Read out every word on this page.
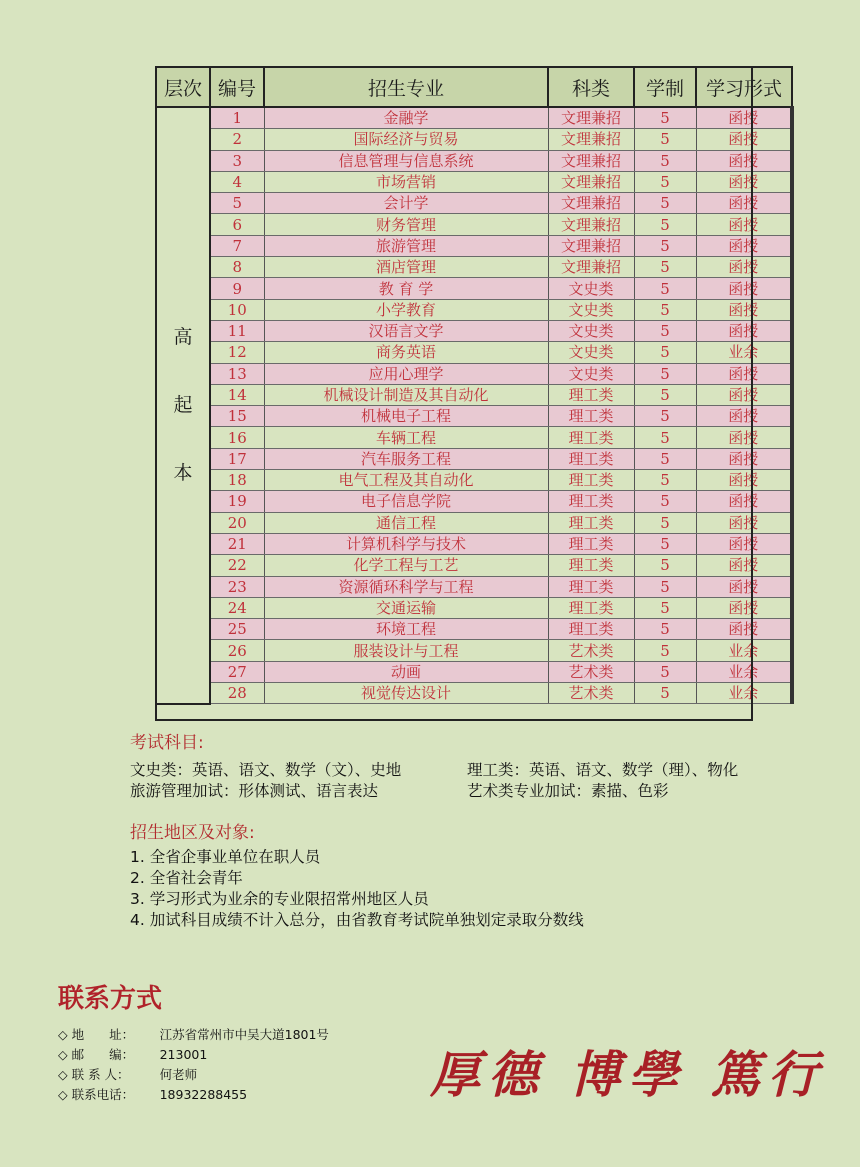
层次	编号	招生专业	科类	学制	学习形式

高
起
本	1	金融学	文理兼招	5	函授
	2	国际经济与贸易	文理兼招	5	函授
	3	信息管理与信息系统	文理兼招	5	函授
	4	市场营销	文理兼招	5	函授
	5	会计学	文理兼招	5	函授
	6	财务管理	文理兼招	5	函授
	7	旅游管理	文理兼招	5	函授
	8	酒店管理	文理兼招	5	函授
	9	教 育 学	文史类	5	函授
	10	小学教育	文史类	5	函授
	11	汉语言文学	文史类	5	函授
	12	商务英语	文史类	5	业余
	13	应用心理学	文史类	5	函授
	14	机械设计制造及其自动化	理工类	5	函授
	15	机械电子工程	理工类	5	函授
	16	车辆工程	理工类	5	函授
	17	汽车服务工程	理工类	5	函授
	18	电气工程及其自动化	理工类	5	函授
	19	电子信息学院	理工类	5	函授
	20	通信工程	理工类	5	函授
	21	计算机科学与技术	理工类	5	函授
	22	化学工程与工艺	理工类	5	函授
	23	资源循环科学与工程	理工类	5	函授
	24	交通运输	理工类	5	函授
	25	环境工程	理工类	5	函授
	26	服装设计与工程	艺术类	5	业余
	27	动画	艺术类	5	业余
	28	视觉传达设计	艺术类	5	业余
考试科目:
文史类：英语、语文、数学（文）、史地	理工类：英语、语文、数学（理）、物化
旅游管理加试：形体测试、语言表达	艺术类专业加试：素描、色彩
招生地区及对象:
1. 全省企事业单位在职人员
2. 全省社会青年
3. 学习形式为业余的专业限招常州地区人员
4. 加试科目成绩不计入总分，由省教育考试院单独划定录取分数线
联系方式
◇ 地　　址： 江苏省常州市中吴大道1801号
◇ 邮　　编： 213001
◇ 联 系 人： 何老师
◇ 联系电话： 18932288455	厚德 博學 篤行
